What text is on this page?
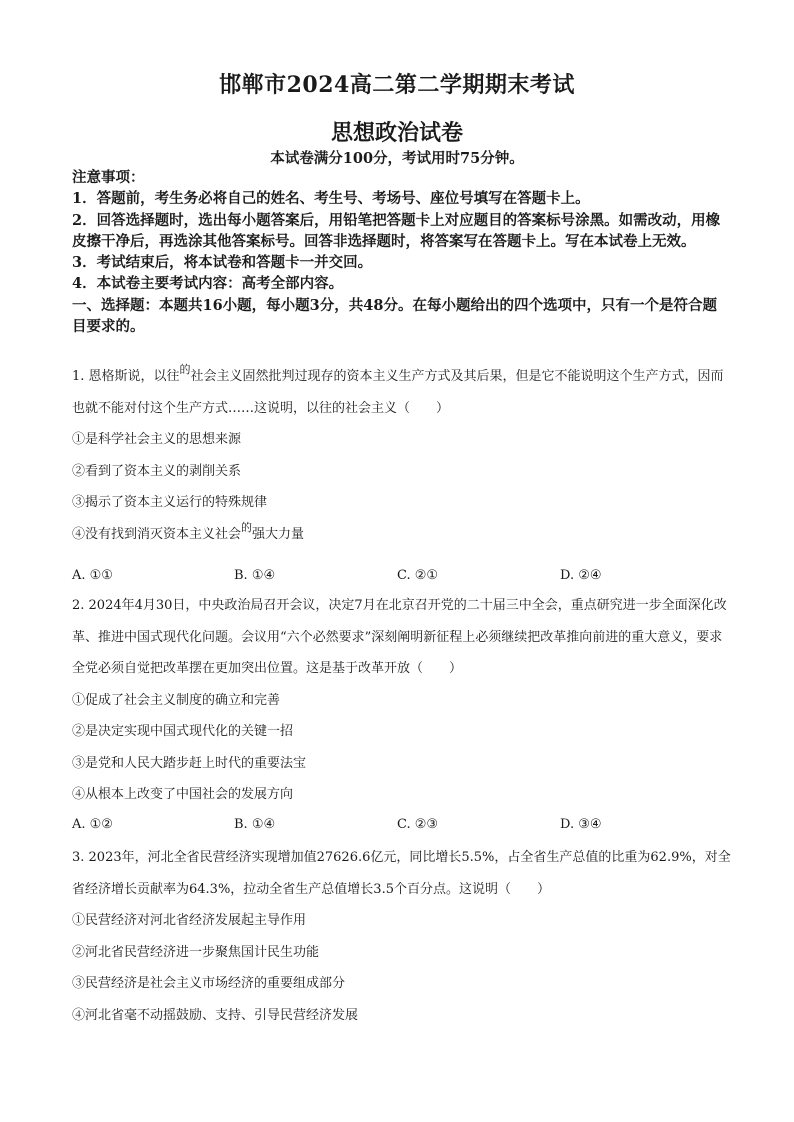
邯郸市2024高二第二学期期末考试
思想政治试卷
本试卷满分100分，考试用时75分钟。

注意事项：

1．答题前，考生务必将自己的姓名、考生号、考场号、座位号填写在答题卡上。

2．回答选择题时，选出每小题答案后，用铅笔把答题卡上对应题目的答案标号涂黑。如需改动，用橡皮擦干净后，再选涂其他答案标号。回答非选择题时，将答案写在答题卡上。写在本试卷上无效。

3．考试结束后，将本试卷和答题卡一并交回。

4．本试卷主要考试内容：高考全部内容。

一、选择题：本题共16小题，每小题3分，共48分。在每小题给出的四个选项中，只有一个是符合题目要求的。

1. 恩格斯说，以往$^的$社会主义固然批判过现存的资本主义生产方式及其后果，但是它不能说明这个生产方式，因而也就不能对付这个生产方式……这说明，以往的社会主义（　　）

①是科学社会主义的思想来源

②看到了资本主义的剥削关系

③揭示了资本主义运行的特殊规律

④没有找到消灭资本主义社会$^的$强大力量

A. ①①	B. ①④	C. ②①	D. ②④

2. 2024年4月30日，中央政治局召开会议，决定7月在北京召开党的二十届三中全会，重点研究进一步全面深化改革、推进中国式现代化问题。会议用“六个必然要求”深刻阐明新征程上必须继续把改革推向前进的重大意义，要求全党必须自觉把改革摆在更加突出位置。这是基于改革开放（　　）

①促成了社会主义制度的确立和完善

②是决定实现中国式现代化的关键一招

③是党和人民大踏步赶上时代的重要法宝

④从根本上改变了中国社会的发展方向

A. ①②	B. ①④	C. ②③	D. ③④

3. 2023年，河北全省民营经济实现增加值27626.6亿元，同比增长5.5%，占全省生产总值的比重为62.9%，对全省经济增长贡献率为64.3%，拉动全省生产总值增长3.5个百分点。这说明（　　）

①民营经济对河北省经济发展起主导作用

②河北省民营经济进一步聚焦国计民生功能

③民营经济是社会主义市场经济的重要组成部分

④河北省毫不动摇鼓励、支持、引导民营经济发展
